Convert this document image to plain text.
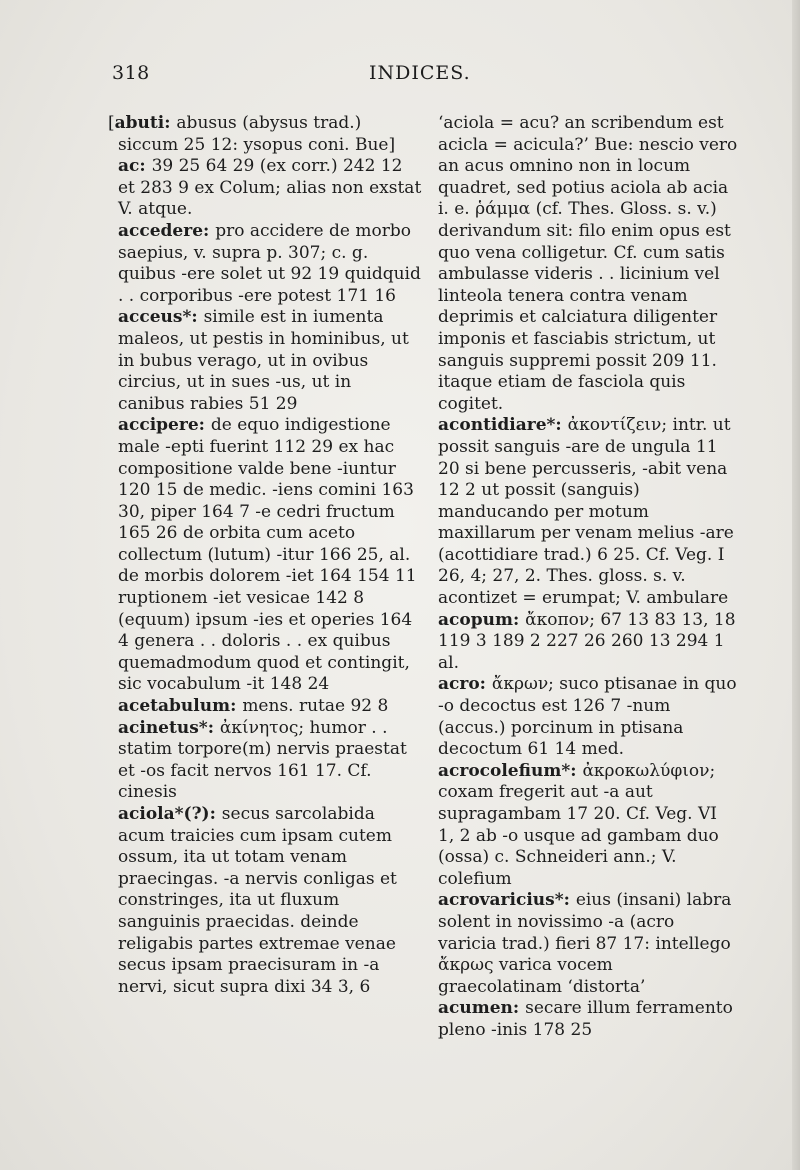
318	INDICES.

[abuti: abusus (abysus trad.) siccum 25 12: ysopus coni. Bue]

ac: 39 25 64 29 (ex corr.) 242 12 et 283 9 ex Colum; alias non exstat V. atque.

accedere: pro accidere de morbo saepius, v. supra p. 307; c. g. quibus -ere solet ut 92 19 quidquid . . corporibus -ere potest 171 16

acceus*: simile est in iumenta maleos, ut pestis in hominibus, ut in bubus verago, ut in ovibus circius, ut in sues -us, ut in canibus rabies 51 29

accipere: de equo indigestione male -epti fuerint 112 29 ex hac compositione valde bene -iuntur 120 15 de medic. -iens comini 163 30, piper 164 7 -e cedri fructum 165 26 de orbita cum aceto collectum (lutum) -itur 166 25, al. de morbis dolorem -iet 164 154 11 ruptionem -iet vesicae 142 8 (equum) ipsum -ies et operies 164 4 genera . . doloris . . ex quibus quemadmodum quod et contingit, sic vocabulum -it 148 24

acetabulum: mens. rutae 92 8

acinetus*: ἀκίνητος; humor . . statim torpore(m) nervis praestat et -os facit nervos 161 17. Cf. cinesis

aciola*(?): secus sarcolabida acum traicies cum ipsam cutem ossum, ita ut totam venam praecingas. -a nervis conligas et constringes, ita ut fluxum sanguinis praecidas. deinde religabis partes extremae venae secus ipsam praecisuram in -a nervi, sicut supra dixi 34 3, 6

‘aciola = acu? an scribendum est acicla = acicula?’ Bue: nescio vero an acus omnino non in locum quadret, sed potius aciola ab acia i. e. ῥάμμα (cf. Thes. Gloss. s. v.) derivandum sit: filo enim opus est quo vena colligetur. Cf. cum satis ambulasse videris . . licinium vel linteola tenera contra venam deprimis et calciatura diligenter imponis et fasciabis strictum, ut sanguis suppremi possit 209 11. itaque etiam de fasciola quis cogitet.

acontidiare*: ἀκοντίζειν; intr. ut possit sanguis -are de ungula 11 20 si bene percusseris, -abit vena 12 2 ut possit (sanguis) manducando per motum maxillarum per venam melius -are (acottidiare trad.) 6 25. Cf. Veg. I 26, 4; 27, 2. Thes. gloss. s. v. acontizet = erumpat; V. ambulare

acopum: ἄκοπον; 67 13 83 13, 18 119 3 189 2 227 26 260 13 294 1 al.

acro: ἄκρων; suco ptisanae in quo -o decoctus est 126 7 -num (accus.) porcinum in ptisana decoctum 61 14 med.

acrocolefium*: ἀκροκωλύφιον; coxam fregerit aut -a aut supragambam 17 20. Cf. Veg. VI 1, 2 ab -o usque ad gambam duo (ossa) c. Schneideri ann.; V. colefium

acrovaricius*: eius (insani) labra solent in novissimo -a (acro varicia trad.) fieri 87 17: intellego ἄκρως varica vocem graecolatinam ‘distorta’

acumen: secare illum ferramento pleno -inis 178 25
